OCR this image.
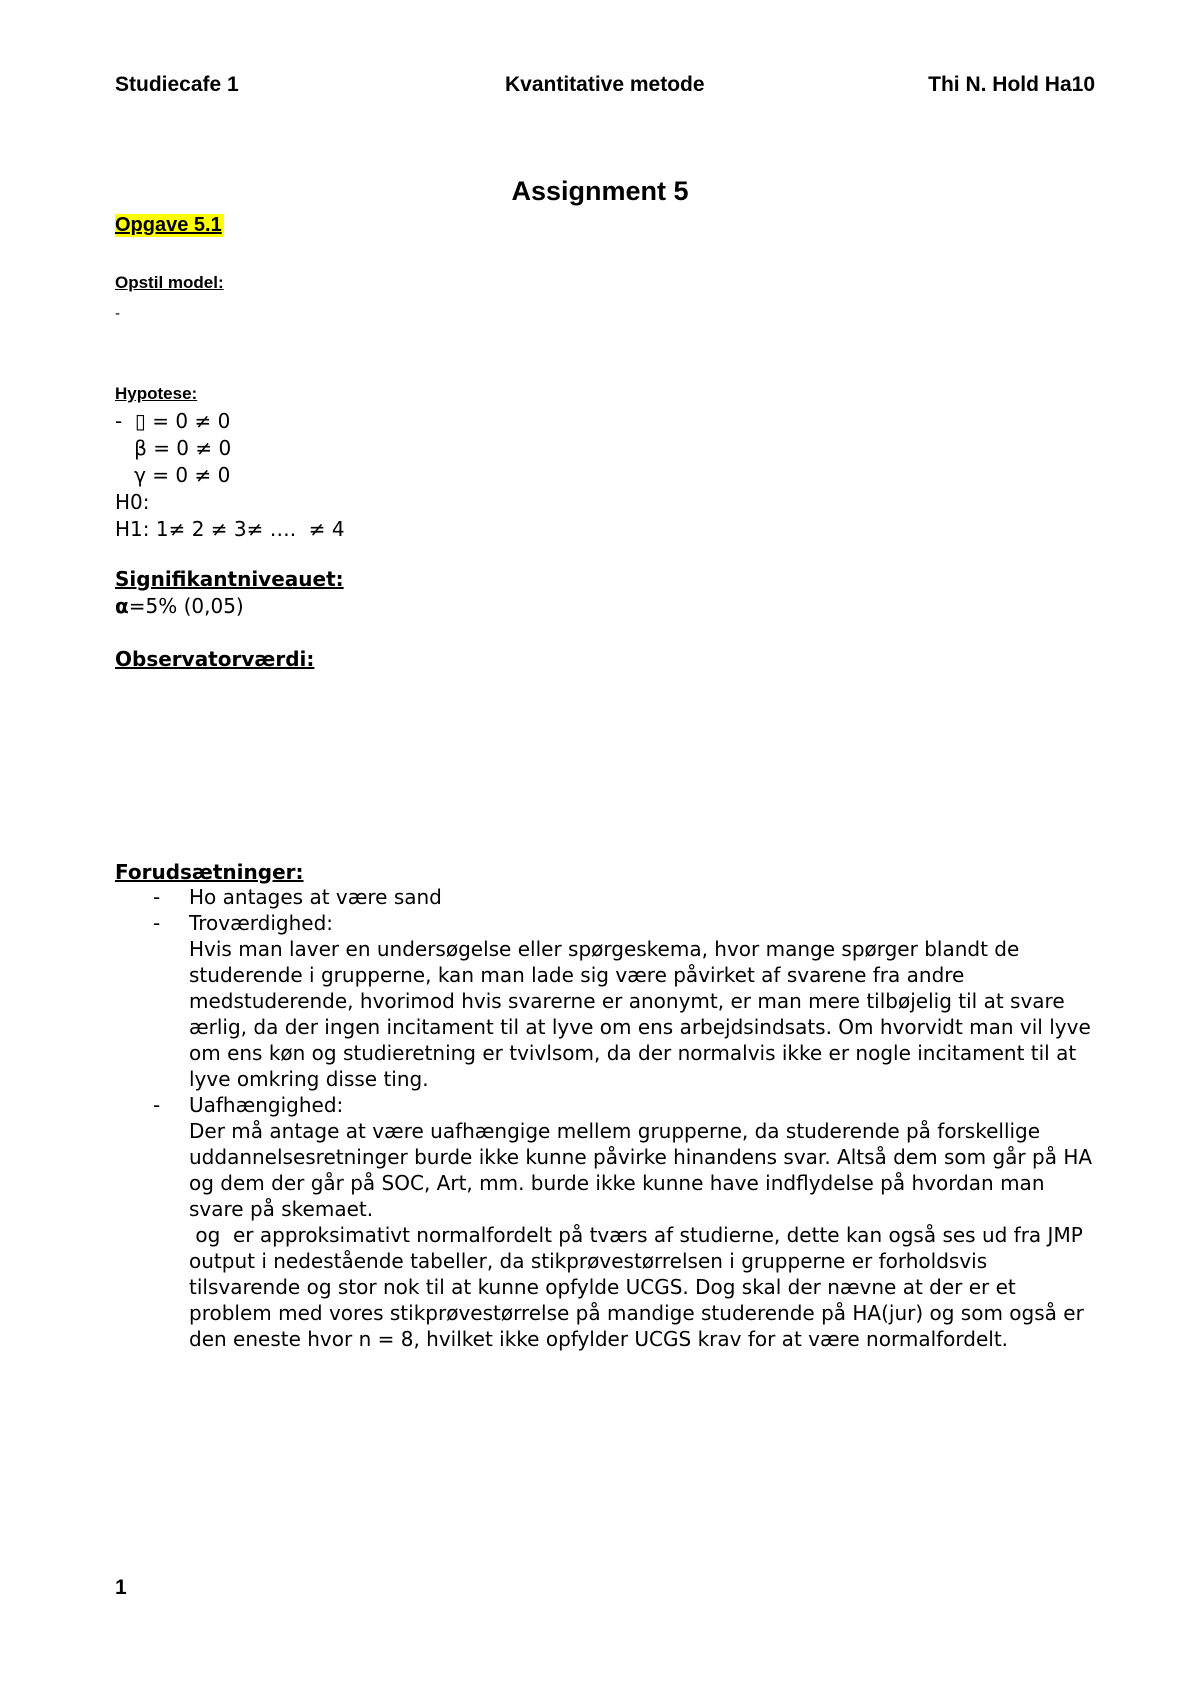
Studiecafe 1	Kvantitative metode	Thi N. Hold Ha10
Assignment 5
Opgave 5.1
Opstil model:
-
Hypotese:
-  ▯ = 0 ≠ 0
β = 0 ≠ 0
γ = 0 ≠ 0
H0:
H1: 1≠ 2 ≠ 3≠ ….  ≠ 4
Signifikantniveauet:
α=5% (0,05)
Observatorværdi:
Forudsætninger:
- Ho antages at være sand
- Troværdighed:
Hvis man laver en undersøgelse eller spørgeskema, hvor mange spørger blandt de studerende i grupperne, kan man lade sig være påvirket af svarene fra andre medstuderende, hvorimod hvis svarerne er anonymt, er man mere tilbøjelig til at svare ærlig, da der ingen incitament til at lyve om ens arbejdsindsats. Om hvorvidt man vil lyve om ens køn og studieretning er tvivlsom, da der normalvis ikke er nogle incitament til at lyve omkring disse ting.
- Uafhængighed:
Der må antage at være uafhængige mellem grupperne, da studerende på forskellige uddannelsesretninger burde ikke kunne påvirke hinandens svar. Altså dem som går på HA og dem der går på SOC, Art, mm. burde ikke kunne have indflydelse på hvordan man svare på skemaet.
og  er approksimativt normalfordelt på tværs af studierne, dette kan også ses ud fra JMP output i nedestående tabeller, da stikprøvestørrelsen i grupperne er forholdsvis tilsvarende og stor nok til at kunne opfylde UCGS. Dog skal der nævne at der er et problem med vores stikprøvestørrelse på mandige studerende på HA(jur) og som også er den eneste hvor n = 8, hvilket ikke opfylder UCGS krav for at være normalfordelt.
1
